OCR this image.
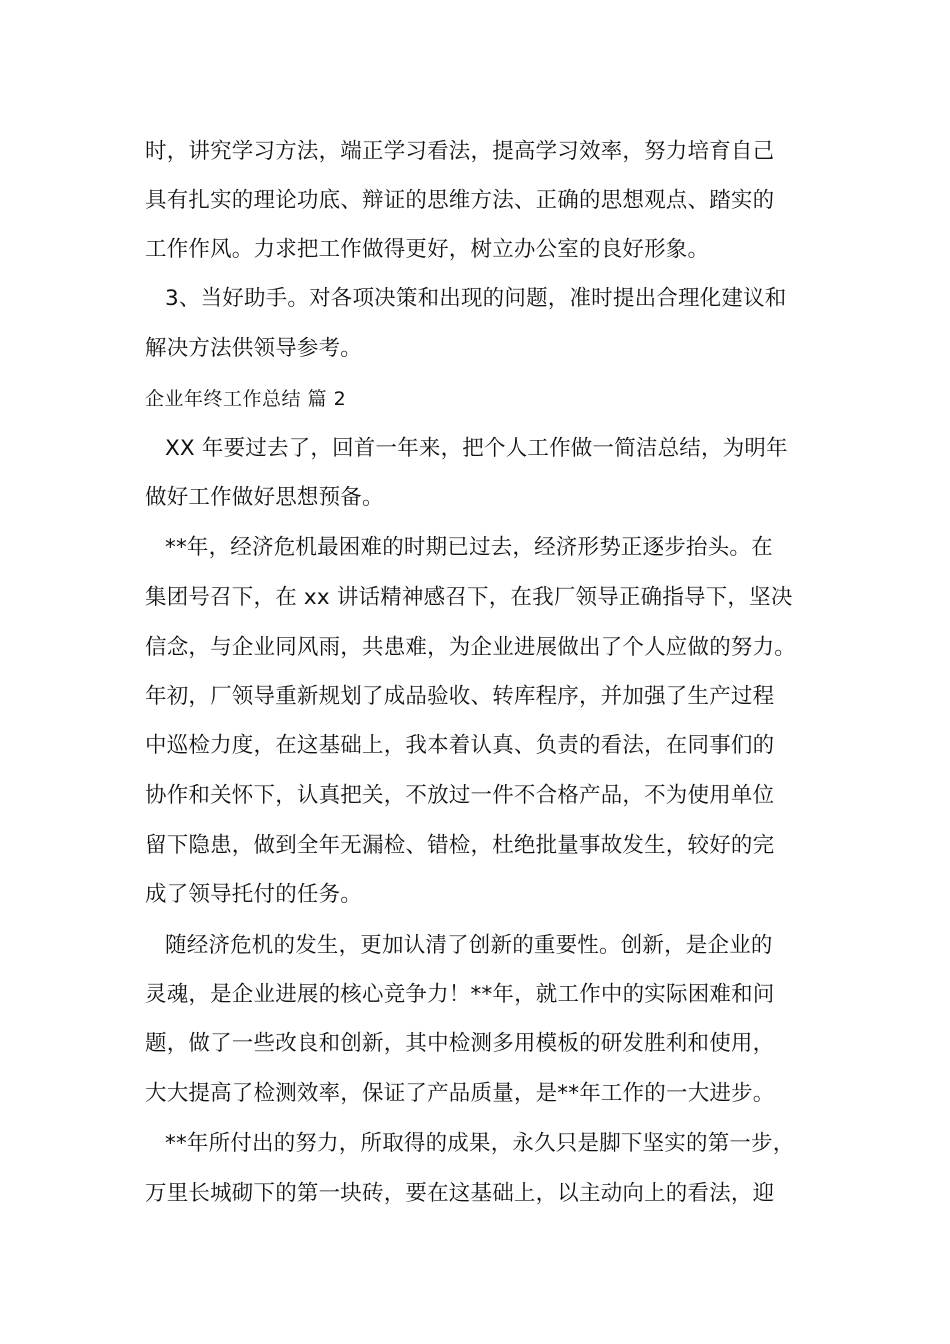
时，讲究学习方法，端正学习看法，提高学习效率，努力培育自己
具有扎实的理论功底、辩证的思维方法、正确的思想观点、踏实的
工作作风。力求把工作做得更好，树立办公室的良好形象。
3、当好助手。对各项决策和出现的问题，准时提出合理化建议和
解决方法供领导参考。
企业年终工作总结 篇 2
XX 年要过去了，回首一年来，把个人工作做一简洁总结，为明年
做好工作做好思想预备。
**年，经济危机最困难的时期已过去，经济形势正逐步抬头。在
集团号召下，在 xx 讲话精神感召下，在我厂领导正确指导下，坚决
信念，与企业同风雨，共患难，为企业进展做出了个人应做的努力。
年初，厂领导重新规划了成品验收、转库程序，并加强了生产过程
中巡检力度，在这基础上，我本着认真、负责的看法，在同事们的
协作和关怀下，认真把关，不放过一件不合格产品，不为使用单位
留下隐患，做到全年无漏检、错检，杜绝批量事故发生，较好的完
成了领导托付的任务。
随经济危机的发生，更加认清了创新的重要性。创新，是企业的
灵魂，是企业进展的核心竞争力！**年，就工作中的实际困难和问
题，做了一些改良和创新，其中检测多用模板的研发胜利和使用，
大大提高了检测效率，保证了产品质量，是**年工作的一大进步。
**年所付出的努力，所取得的成果，永久只是脚下坚实的第一步，
万里长城砌下的第一块砖，要在这基础上，以主动向上的看法，迎
